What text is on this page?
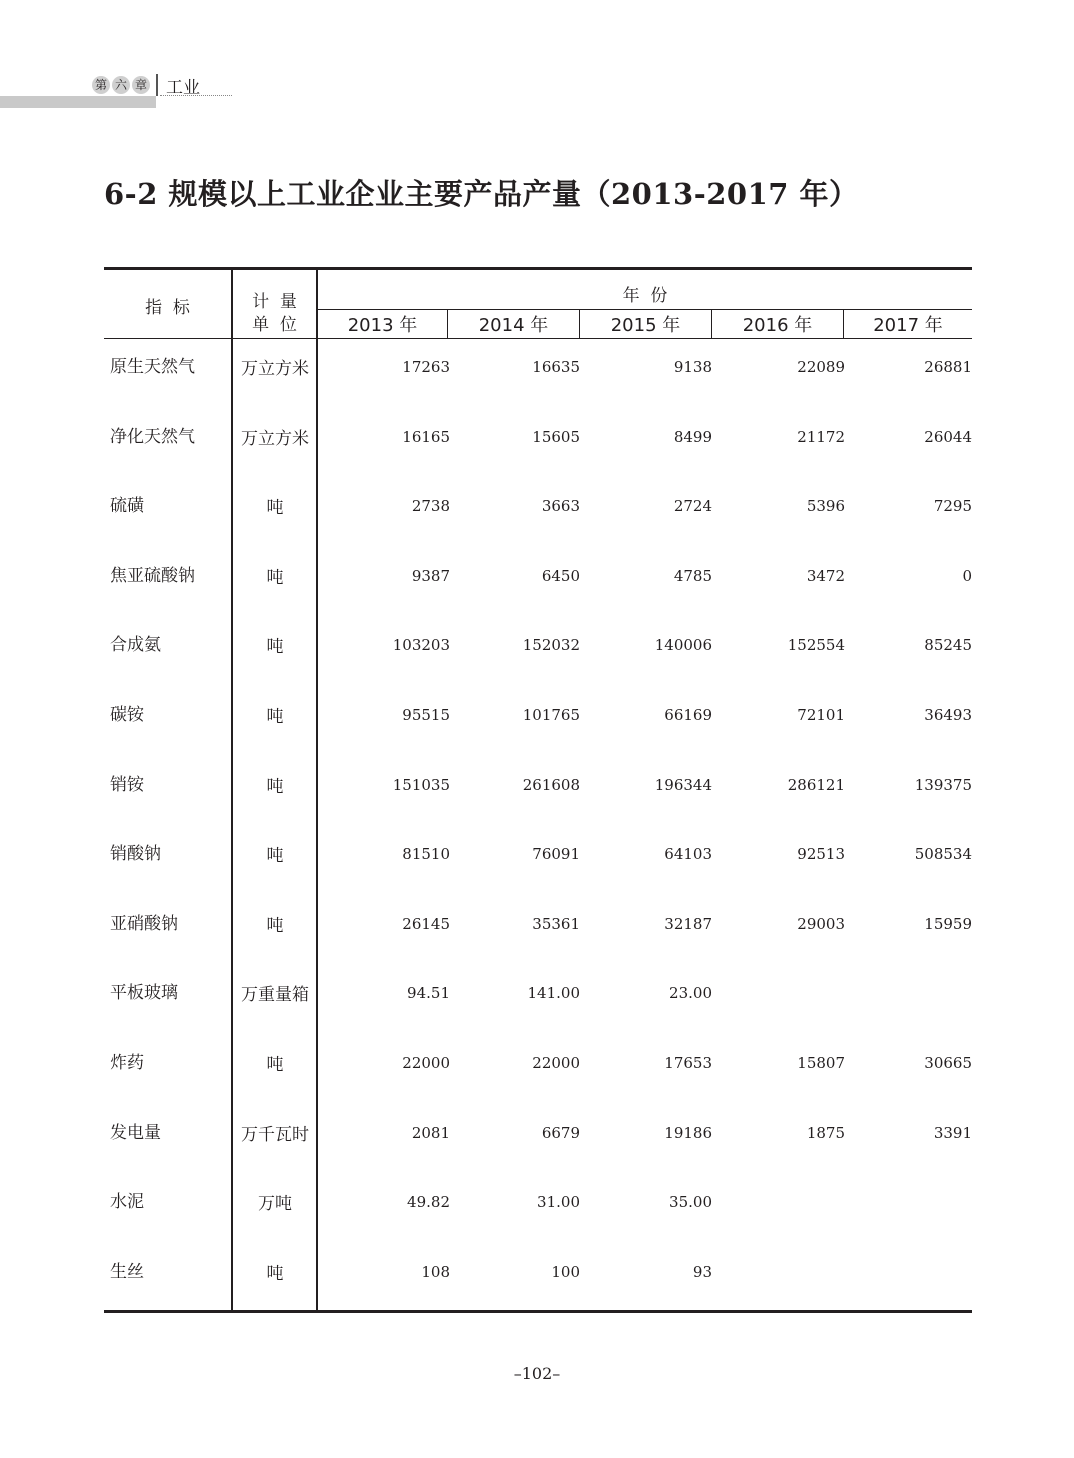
第 六 章 工业
6-2 规模以上工业企业主要产品产量（2013-2017 年）
指  标	计  量
单  位
年  份
2013 年	2014 年	2015 年	2016 年	2017 年
原生天然气	万立方米	17263	16635	9138	22089	26881
净化天然气	万立方米	16165	15605	8499	21172	26044
硫磺	吨	2738	3663	2724	5396	7295
焦亚硫酸钠	吨	9387	6450	4785	3472	0
合成氨	吨	103203	152032	140006	152554	85245
碳铵	吨	95515	101765	66169	72101	36493
销铵	吨	151035	261608	196344	286121	139375
销酸钠	吨	81510	76091	64103	92513	508534
亚硝酸钠	吨	26145	35361	32187	29003	15959
平板玻璃	万重量箱	94.51	141.00	23.00
炸药	吨	22000	22000	17653	15807	30665
发电量	万千瓦时	2081	6679	19186	1875	3391
水泥	万吨	49.82	31.00	35.00
生丝	吨	108	100	93
–102–
